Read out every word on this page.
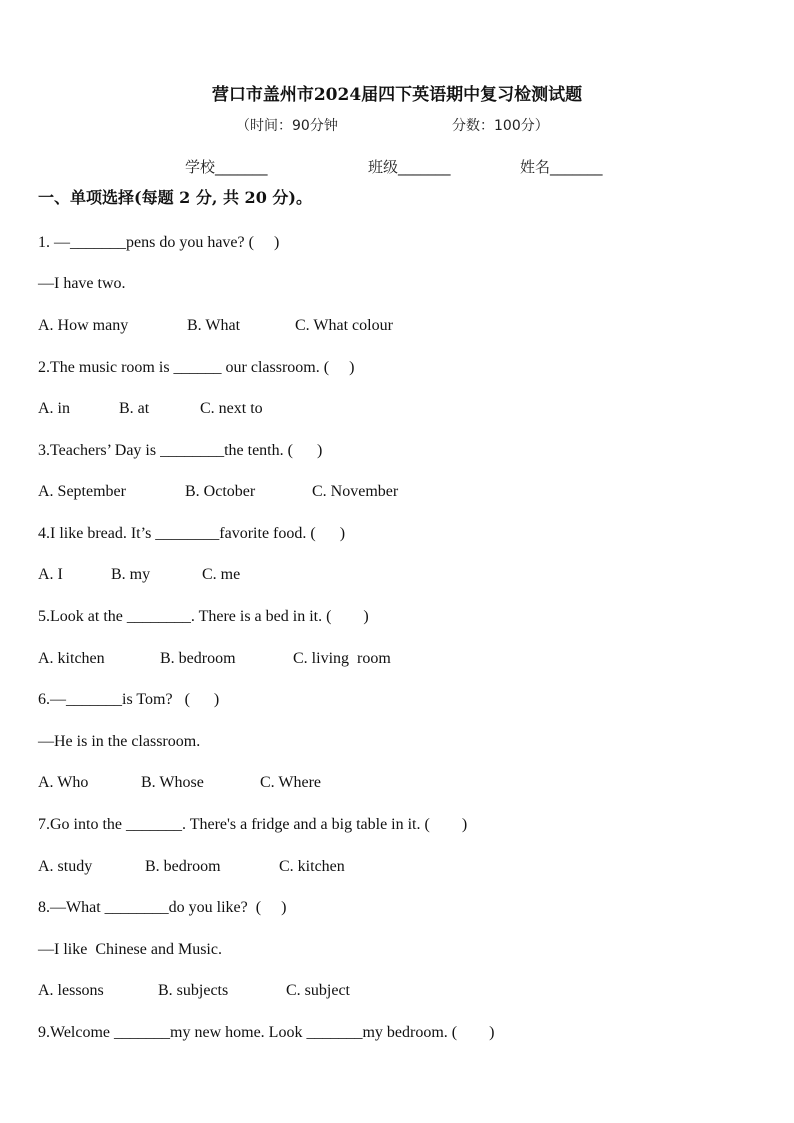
营口市盖州市2024届四下英语期中复习检测试题
（时间：90分钟	分数：100分）
学校_______	班级_______	姓名_______
一、单项选择(每题 2 分, 共 20 分)。
1. —_______pens do you have? (     )
—I have two.
A. How many	B. What	C. What colour
2.The music room is ______ our classroom. (     )
A. in	B. at	C. next to
3.Teachers’ Day is ________the tenth. (      )
A. September	B. October	C. November
4.I like bread. It’s ________favorite food. (      )
A. I	B. my	C. me
5.Look at the ________. There is a bed in it. (        )
A. kitchen	B. bedroom	C. living  room
6.—_______is Tom?   (      )
—He is in the classroom.
A. Who	B. Whose	C. Where
7.Go into the _______. There's a fridge and a big table in it. (        )
A. study	B. bedroom	C. kitchen
8.—What ________do you like?  (     )
—I like  Chinese and Music.
A. lessons	B. subjects	C. subject
9.Welcome _______my new home. Look _______my bedroom. (        )
